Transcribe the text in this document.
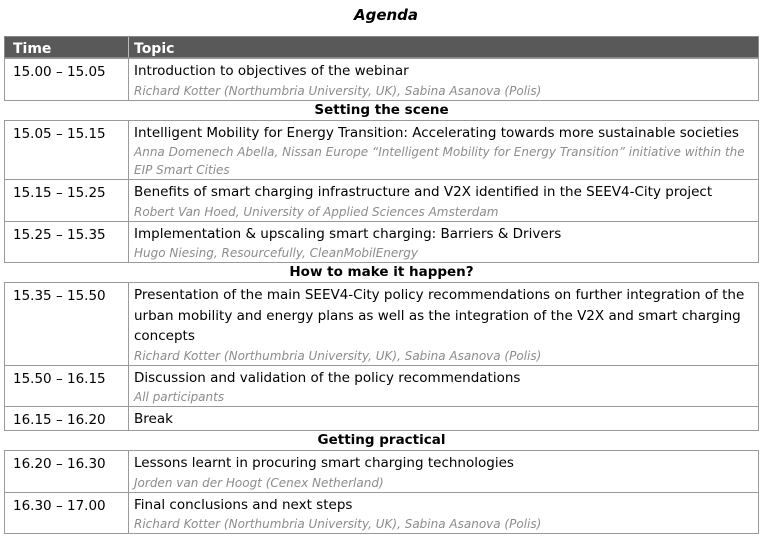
Agenda
Time	Topic
15.00 – 15.05	Introduction to objectives of the webinar
Richard Kotter (Northumbria University, UK), Sabina Asanova (Polis)
Setting the scene
15.05 – 15.15	Intelligent Mobility for Energy Transition: Accelerating towards more sustainable societies
Anna Domenech Abella, Nissan Europe “Intelligent Mobility for Energy Transition” initiative within the EIP Smart Cities
15.15 – 15.25	Benefits of smart charging infrastructure and V2X identified in the SEEV4-City project
Robert Van Hoed, University of Applied Sciences Amsterdam
15.25 – 15.35	Implementation & upscaling smart charging: Barriers & Drivers
Hugo Niesing, Resourcefully, CleanMobilEnergy
How to make it happen?
15.35 – 15.50	Presentation of the main SEEV4-City policy recommendations on further integration of the urban mobility and energy plans as well as the integration of the V2X and smart charging concepts
Richard Kotter (Northumbria University, UK), Sabina Asanova (Polis)
15.50 – 16.15	Discussion and validation of the policy recommendations
All participants
16.15 – 16.20	Break
Getting practical
16.20 – 16.30	Lessons learnt in procuring smart charging technologies
Jorden van der Hoogt (Cenex Netherland)
16.30 – 17.00	Final conclusions and next steps
Richard Kotter (Northumbria University, UK), Sabina Asanova (Polis)
